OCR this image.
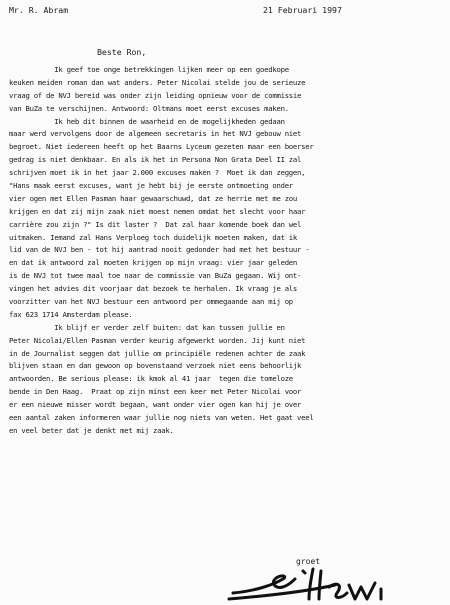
Mr. R. Abram	21 Februari 1997
Beste Ron,
Ik geef toe onge betrekkingen lijken meer op een goedkope
keuken meiden roman dan wat anders. Peter Nicolai stelde jou de serieuze
vraag of de NVJ bereid was onder zijn leiding opnieuw voor de commissie
van BuZa te verschijnen. Antwoord: Oltmans moet eerst excuses maken.
Ik heb dit binnen de waarheid en de mogelijkheden gedaan
maar werd vervolgens door de algemeen secretaris in het NVJ gebouw niet
begroet. Niet iedereen heeft op het Baarns Lyceum gezeten maar een boerser
gedrag is niet denkbaar. En als ik het in Persona Non Grata Deel II zal
schrijven moet ik in het jaar 2.000 excuses maken ?  Moet ik dan zeggen,
"Hans maak eerst excuses, want je hebt bij je eerste ontmoeting onder
vier ogen met Ellen Pasman haar gewaarschuwd, dat ze herrie met me zou
krijgen en dat zij mijn zaak niet moest nemen omdat het slecht voor haar
carrière zou zijn ?" Is dit laster ?  Dat zal haar komende boek dan wel
uitmaken. Iemand zal Hans Verploeg toch duidelijk moeten maken, dat ik
lid van de NVJ ben - tot hij aantrad nooit gedonder had met het bestuur -
en dat ik antwoord zal moeten krijgen op mijn vraag: vier jaar geleden
is de NVJ tot twee maal toe naar de commissie van BuZa gegaan. Wij ont-
vingen het advies dit voorjaar dat bezoek te herhalen. Ik vraag je als
voorzitter van het NVJ bestuur een antwoord per ommegaande aan mij op
fax 623 1714 Amsterdam please.
Ik blijf er verder zelf buiten: dat kan tussen jullie en
Peter Nicolai/Ellen Pasman verder keurig afgewerkt worden. Jij kunt niet
in de Journalist seggen dat jullie om principiële redenen achter de zaak
blijven staan en dan gewoon op bovenstaand verzoek niet eens behoorlijk
antwoorden. Be serious please: ik kmok al 41 jaar  tegen die tomeloze
bende in Den Haag.  Praat op zijn minst een keer met Peter Nicolai voor
er een nieuwe misser wordt begaan, want onder vier ogen kan hij je over
een aantal zaken informeren waar jullie nog niets van weten. Het gaat veel
en veel beter dat je denkt met mij zaak.
groet
